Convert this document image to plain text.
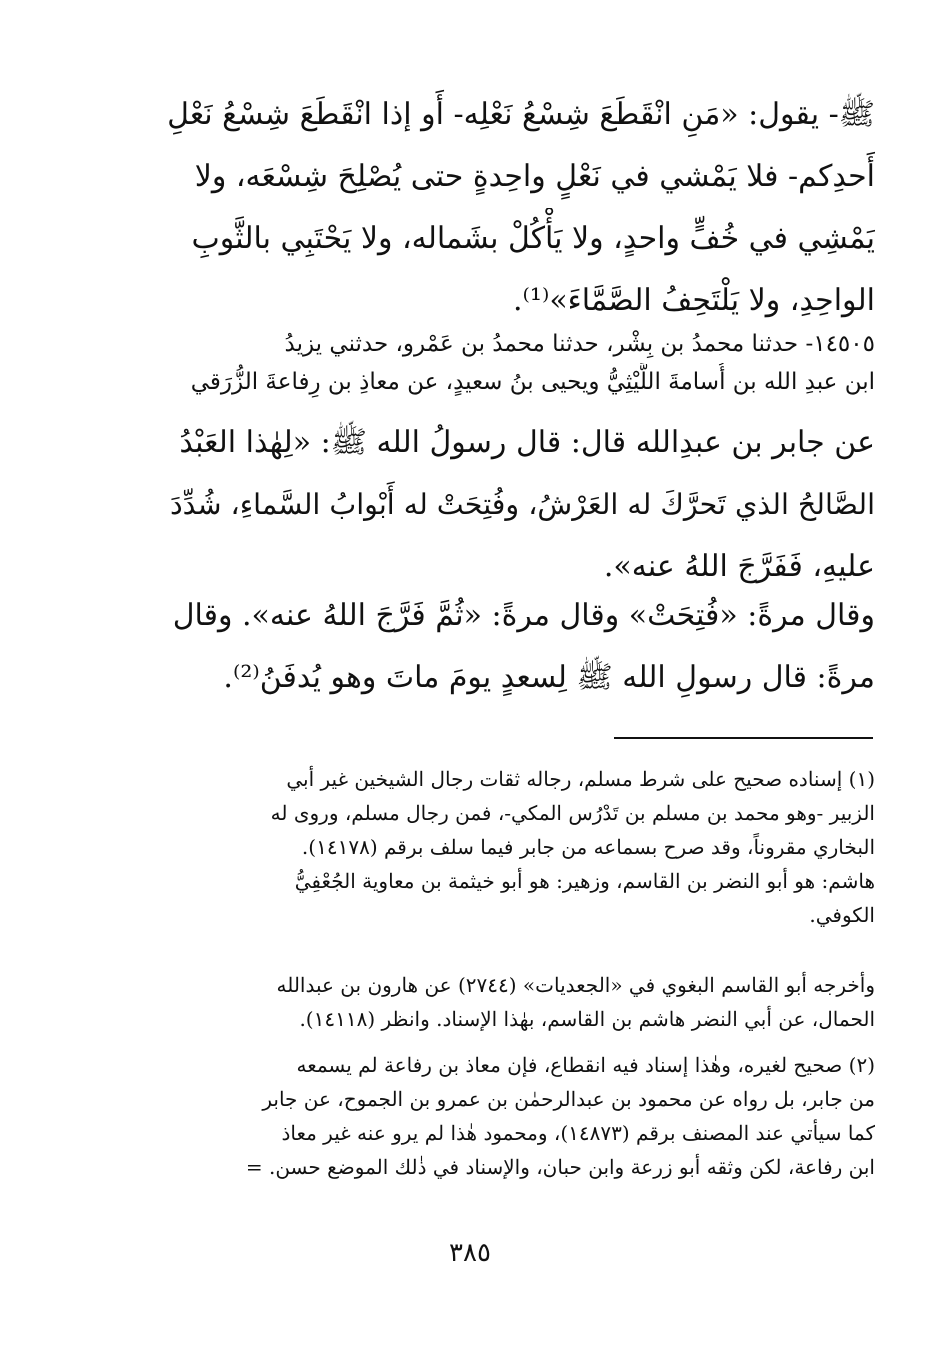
ﷺ- يقول: «مَنِ انْقَطَعَ شِسْعُ نَعْلِه- أَو إذا انْقَطَعَ شِسْعُ نَعْلِ
أَحدِكم- فلا يَمْشي في نَعْلٍ واحِدةٍ حتى يُصْلِحَ شِسْعَه، ولا
يَمْشِي في خُفٍّ واحدٍ، ولا يَأْكُلْ بشَماله، ولا يَحْتَبِي بالثَّوبِ
الواحِدِ، ولا يَلْتَحِفُ الصَّمَّاءَ»⁽¹⁾.
١٤٥٠٥- حدثنا محمدُ بن بِشْر، حدثنا محمدُ بن عَمْرو، حدثني يزيدُ
ابن عبدِ الله بن أُسامةَ اللَّيْثِيُّ ويحيى بنُ سعيدٍ، عن معاذِ بن رِفاعةَ الزُّرَقي
عن جابر بن عبدِالله قال: قال رسولُ الله ﷺ: «لِهٰذا العَبْدُ
الصَّالحُ الذي تَحرَّكَ له العَرْشُ، وفُتِحَتْ له أَبْوابُ السَّماءِ، شُدِّدَ
عليهِ، فَفَرَّجَ اللهُ عنه».
وقال مرةً: «فُتِحَتْ» وقال مرةً: «ثُمَّ فَرَّجَ اللهُ عنه». وقال
مرةً: قال رسولِ الله ﷺ لِسعدٍ يومَ ماتَ وهو يُدفَنُ⁽²⁾.
(١) إسناده صحيح على شرط مسلم، رجاله ثقات رجال الشيخين غير أبي
الزبير -وهو محمد بن مسلم بن تَدْرُس المكي-، فمن رجال مسلم، وروى له
البخاري مقروناً، وقد صرح بسماعه من جابر فيما سلف برقم (١٤١٧٨).
هاشم: هو أبو النضر بن القاسم، وزهير: هو أبو خيثمة بن معاوية الجُعْفِيُّ
الكوفي.
وأخرجه أبو القاسم البغوي في «الجعديات» (٢٧٤٤) عن هارون بن عبدالله
الحمال، عن أبي النضر هاشم بن القاسم، بهٰذا الإسناد. وانظر (١٤١١٨).
(٢) صحيح لغيره، وهٰذا إسناد فيه انقطاع، فإن معاذ بن رفاعة لم يسمعه
من جابر، بل رواه عن محمود بن عبدالرحمٰن بن عمرو بن الجموح، عن جابر
كما سيأتي عند المصنف برقم (١٤٨٧٣)، ومحمود هٰذا لم يرو عنه غير معاذ
ابن رفاعة، لكن وثقه أبو زرعة وابن حبان، والإسناد في ذٰلك الموضع حسن. =
٣٨٥
